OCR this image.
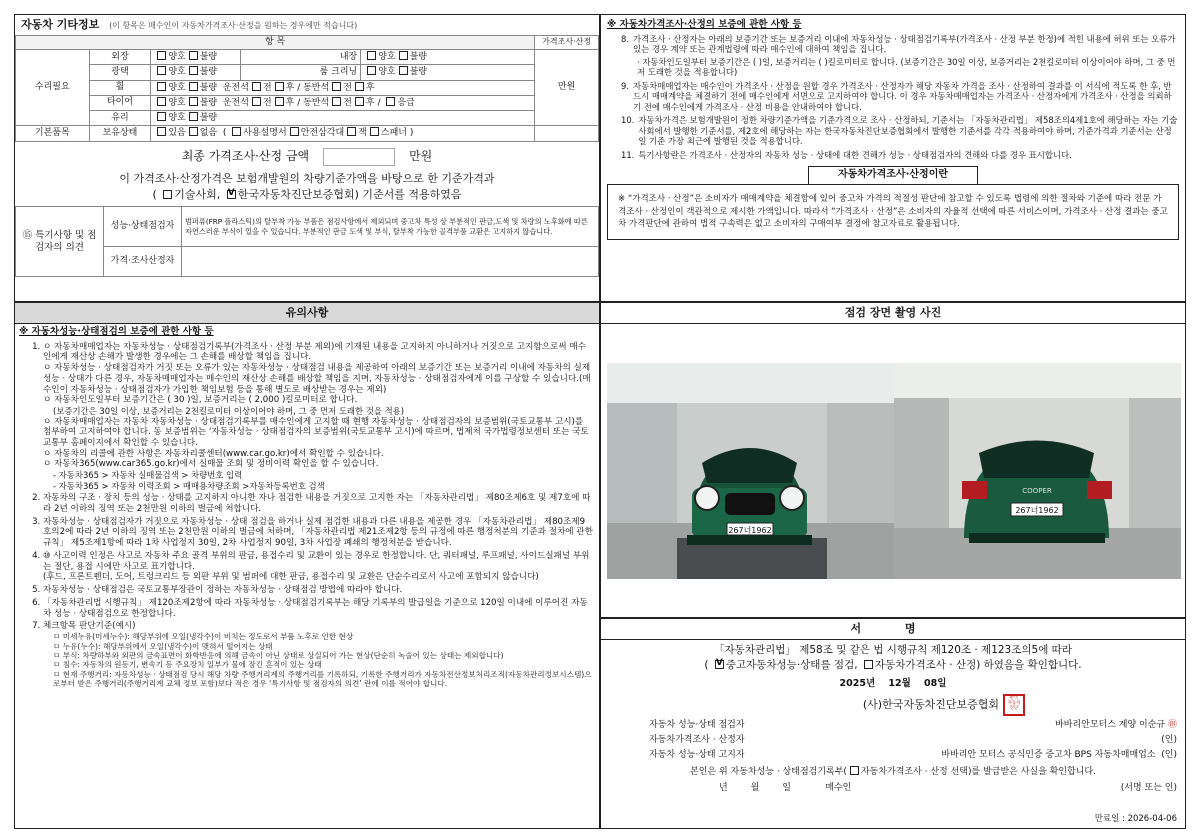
자동차 기타정보 (이 항목은 매수인이 자동차가격조사·산정을 원하는 경우에만 적습니다)
항 목					가격조사·산정
수리필요	외장	양호 불량	내장	양호 불량	만원
	광택	양호 불량	룸 크리닝	양호 불량	
	휠	양호 불량 운전석 전 후 / 동반석 전 후			
	타이어	양호 불량 운전석 전 후 / 동반석 전 후 / 응급			
	유리	양호 불량			
기본품목	보유상태	있음 없음  ( 사용설명서 안전삼각대 잭 스패너 )			
최종 가격조사·산정 금액	만원
이 가격조사·산정가격은 보험개발원의 차량기준가액을 바탕으로 한 기준가격과
( 기술사회, V 한국자동차진단보증협회) 기준서를 적용하였음
⑮ 특기사항 및 점검자의 의견	성능·상태점검자	범퍼류(FRP 플라스틱)의 탈부착 가능 부품은 점검사항에서 제외되며 중고차 특성 상 부분적인 판금,도색 및 차량의 노후화에 따른 자연스러운 부식이 있을 수 있습니다. 부분적인 판금 도색 및 부식, 탈부착 가능한 골격부품 교환은 고지하지 않습니다.
	가격·조사산정자	
※ 자동차가격조사·산정의 보증에 관한 사항 등
8. 가격조사 · 산정자는 아래의 보증기간 또는 보증거리 이내에 자동차성능 · 상태점검기록부(가격조사 · 산정 부분 한정)에 적힌 내용에 허위 또는 오류가 있는 경우 계약 또는 관계법령에 따라 매수인에 대하여 책임을 집니다.
· 자동차인도일부터 보증기간은 ( )일, 보증거리는 ( )킬로미터로 합니다. (보증기간은 30일 이상, 보증거리는 2천킬로미터 이상이어야 하며, 그 중 먼저 도래한 것을 적용합니다)
9. 자동차매매업자는 매수인이 가격조사 · 산정을 원할 경우 가격조사 · 산정자가 해당 자동차 가격을 조사 · 산정하여 결과를 이 서식에 적도록 한 후, 반드시 매매계약을 체결하기 전에 매수인에게 서면으로 고지하여야 합니다. 이 경우 자동차매매업자는 가격조사 · 산정자에게 가격조사 · 산정을 의뢰하기 전에 매수인에게 가격조사 · 산정 비용을 안내하여야 합니다.
10. 자동차가격은 보험개발원이 정한 차량기준가액을 기준가격으로 조사 · 산정하되, 기준서는 「자동차관리법」 제58조의4제1호에 해당하는 자는 기술사회에서 발행한 기준서를, 제2호에 해당하는 자는 한국자동차진단보증협회에서 발행한 기준서를 각각 적용하여야 하며, 기준가격과 기준서는 산정일 기준 가장 최근에 발행된 것을 적용합니다.
11. 특기사항란은 가격조사 · 산정자의 자동차 성능 · 상태에 대한 견해가 성능 · 상태점검자의 견해와 다를 경우 표시합니다.
자동차가격조사·산정이란
※ “가격조사 · 산정”은 소비자가 매매계약을 체결함에 있어 중고차 가격의 적절성 판단에 참고할 수 있도록 법령에 의한 절차와 기준에 따라 전문 가격조사 · 산정인이 객관적으로 제시한 가액입니다. 따라서 “가격조사 · 산정”은 소비자의 자율적 선택에 따른 서비스이며, 가격조사 · 산정 결과는 중고차 가격판단에 관하여 법적 구속력은 없고 소비자의 구매여부 결정에 참고자료로 활용됩니다.
유의사항
※ 자동차성능·상태점검의 보증에 관한 사항 등
1. ㅇ 자동차매매업자는 자동차성능 · 상태점검기록부(가격조사 · 산정 부분 제외)에 기재된 내용을 고지하지 아니하거나 거짓으로 고지함으로써 매수인에게 재산상 손해가 발생한 경우에는 그 손해를 배상할 책임을 집니다.
ㅇ 자동차성능 · 상태점검자가 거짓 또는 오류가 있는 자동차성능 · 상태점검 내용을 제공하여 아래의 보증기간 또는 보증거리 이내에 자동차의 실제 성능 · 상태가 다른 경우, 자동차매매업자는 매수인의 재산상 손해를 배상할 책임을 지며, 자동차성능 · 상태점검자에게 이를 구상할 수 있습니다.(매수인이 자동차성능 · 상태점검자가 가입한 책임보험 등을 통해 별도로 배상받는 경우는 제외)
ㅇ 자동차인도일부터 보증기간은 ( 30 )일, 보증거리는 ( 2,000 )킬로미터로 합니다.
(보증기간은 30일 이상, 보증거리는 2천킬로미터 이상이어야 하며, 그 중 먼저 도래한 것을 적용)
ㅇ 자동차매매업자는 자동차 자동차성능 · 상태점검기록부를 매수인에게 고지할 때 현행 자동차성능 · 상태점검자의 보증범위(국토교통부 고시)를 첨부하여 고지하여야 합니다. 동 보증범위는 ‘자동차성능 · 상태점검자의 보증범위(국토교통부 고시)에 따르며, 법제처 국가법령정보센터 또는 국토교통부 홈페이지에서 확인할 수 있습니다.
ㅇ 자동차의 리콜에 관한 사항은 자동차리콜센터(www.car.go.kr)에서 확인할 수 있습니다.
ㅇ 자동차365(www.car365.go.kr)에서 실매물 조회 및 정비이력 확인을 할 수 있습니다.
- 자동차365 > 자동차 실매물검색 > 차량번호 입력
- 자동차365 > 자동차 이력조회 > 매매용차량조회 >자동차등록번호 검색
2. 자동차의 구조 · 장치 등의 성능 · 상태를 고지하지 아니한 자나 점검한 내용을 거짓으로 고지한 자는 「자동차관리법」 제80조제6호 및 제7호에 따라 2년 이하의 징역 또는 2천만원 이하의 벌금에 처합니다.
3. 자동차성능 · 상태점검자가 거짓으로 자동차성능 · 상태 점검을 하거나 실제 점검한 내용과 다른 내용을 제공한 경우 「자동차관리법」 제80조제9호의2에 따라 2년 이하의 징역 또는 2천만원 이하의 벌금에 처하며, 「자동차관리법 제21조제2항 등의 규정에 따른 행정처분의 기준과 절차에 관한 규칙」 제5조제1항에 따라 1차 사업정지 30일, 2차 사업정지 90일, 3차 사업장 폐쇄의 행정처분을 받습니다.
4. ⑩ 사고이력 인정은 사고로 자동차 주요 골격 부위의 판금, 용접수리 및 교환이 있는 경우로 한정합니다. 단, 쿼터패널, 루프패널, 사이드실패널 부위는 절단, 용접 시에만 사고로 표기합니다.
(후드, 프론트펜더, 도어, 트렁크리드 등 외판 부위 및 범퍼에 대한 판금, 용접수리 및 교환은 단순수리로서 사고에 포함되지 않습니다)
5. 자동차성능 · 상태점검은 국토교통부장관이 정하는 자동차성능 · 상태점검 방법에 따라야 합니다.
6. 「자동차관리법 시행규칙」 제120조제2항에 따라 자동차성능 · 상태점검기록부는 해당 기록부의 발급일을 기준으로 120일 이내에 이루어진 자동차 성능 · 상태점검으로 한정합니다.
7. 체크항목 판단기준(예시)
ㅁ 미세누유(미세누수): 해당부위에 오일(냉각수)이 비치는 정도로서 부품 노후로 인한 현상
ㅁ 누유(누수): 해당부위에서 오일(냉각수)이 맺혀서 떨어지는 상태
ㅁ 부식: 차량하부와 외판의 금속표면이 화학반응에 의해 금속이 아닌 상태로 상실되어 가는 현상(단순히 녹슬어 있는 상태는 제외합니다)
ㅁ 침수: 자동차의 원동기, 변속기 등 주요장치 일부가 물에 잠긴 흔적이 있는 상태
ㅁ 현재 주행거리: 자동차성능 · 상태점검 당시 해당 차량 주행거리계의 주행거리를 기록하되, 기록한 주행거리가 자동차전산정보처리조직(자동차관리정보시스템)으로부터 받은 주행거리(주행거리계 교체 정보 포함)보다 적은 경우 ‘특기사항 및 점검자의 의견’ 란에 이를 적어야 합니다.
점검 장면 촬영 사진
267너1962
COOPER
267너1962
서 명
「자동차관리법」 제58조 및 같은 법 시행규칙 제120조 · 제123조의5에 따라
( V중고자동차성능·상태를 점검, 자동차가격조사 · 산정) 하였음을 확인합니다.
2025년 12월 08일
(사)한국자동차진단보증협회 한국
자동차
진단
자동차 성능·상태 점검자	바바리안모터스 계양 이순규 ㊞
자동차가격조사 · 산정자	(인)
자동차 성능·상태 고지자	바바리안 모터스 공식인증 중고차 BPS 자동차매매업소 (인)
본인은 위 자동차성능 · 상태점검기록부( 자동차가격조사 · 산정 선택)를 발급받은 사실을 확인합니다.
년	월	일	매수인	(서명 또는 인)
만료일 : 2026-04-06
